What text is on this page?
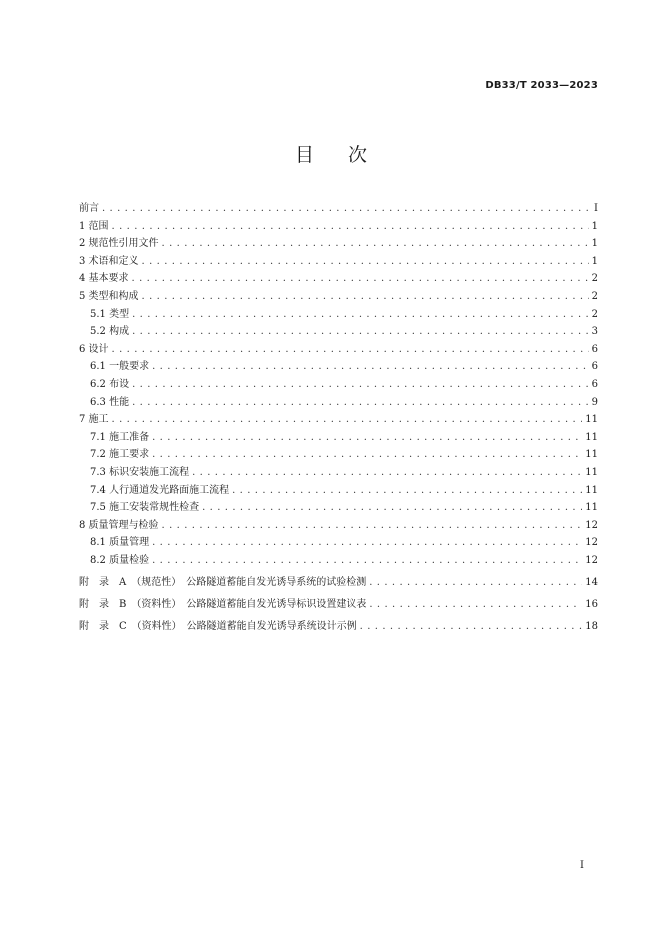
DB33/T 2033—2023
目 次
前言 . . .	I
1 范围 . . .	1
2 规范性引用文件 . . .	1
3 术语和定义 . . .	1
4 基本要求 . . .	2
5 类型和构成 . . .	2
5.1 类型 . . .	2
5.2 构成 . . .	3
6 设计 . . .	6
6.1 一般要求 . . .	6
6.2 布设 . . .	6
6.3 性能 . . .	9
7 施工 . . .	11
7.1 施工准备 . . .	11
7.2 施工要求 . . .	11
7.3 标识安装施工流程 . . .	11
7.4 人行通道发光路面施工流程 . . .	11
7.5 施工安装常规性检查 . . .	11
8 质量管理与检验 . . .	12
8.1 质量管理 . . .	12
8.2 质量检验 . . .	12
附　录　A　（规范性）　公路隧道蓄能自发光诱导系统的试验检测 . . .	14
附　录　B　（资料性）　公路隧道蓄能自发光诱导标识设置建议表 . . .	16
附　录　C　（资料性）　公路隧道蓄能自发光诱导系统设计示例 . . .	18
I
